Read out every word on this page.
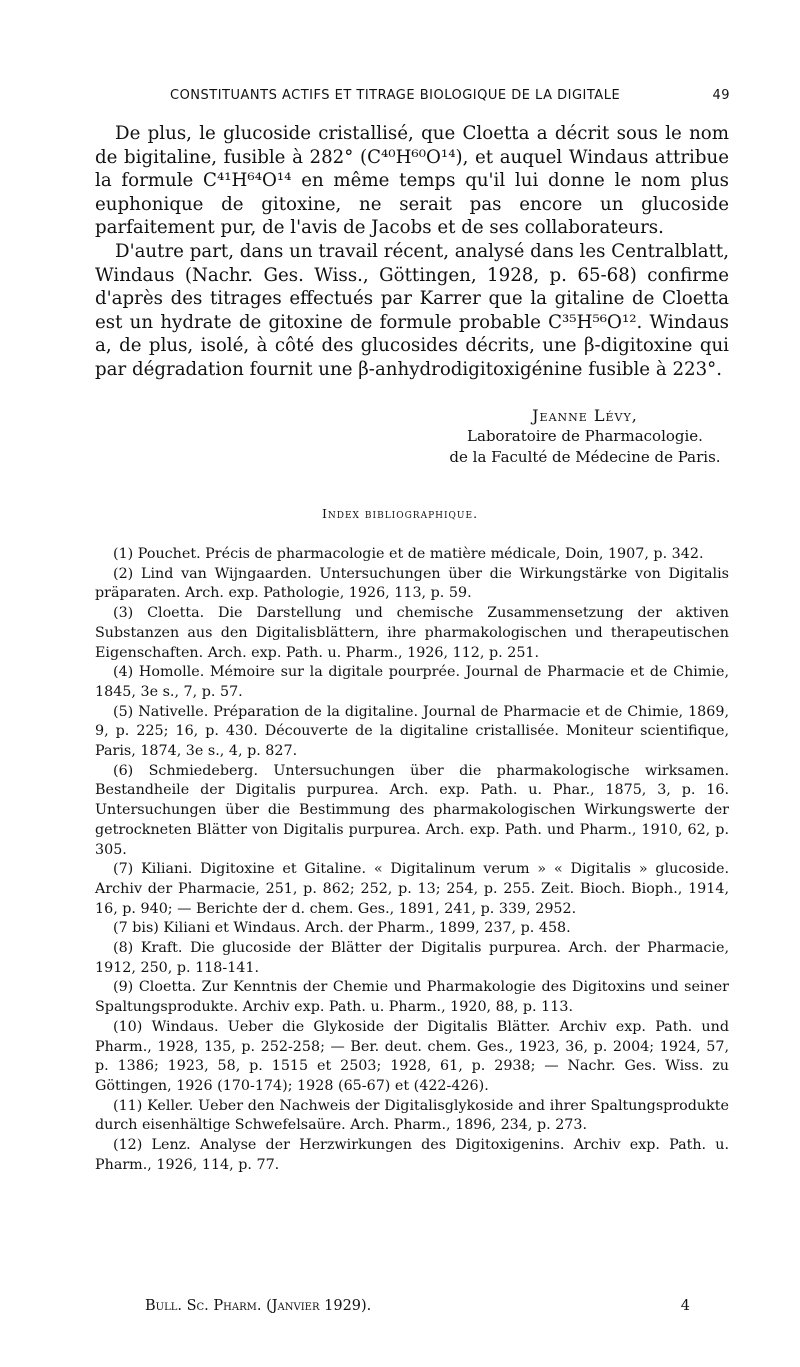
CONSTITUANTS ACTIFS ET TITRAGE BIOLOGIQUE DE LA DIGITALE	49

De plus, le glucoside cristallisé, que Cloetta a décrit sous le nom de bigitaline, fusible à 282° (C⁴⁰H⁶⁰O¹⁴), et auquel Windaus attribue la formule C⁴¹H⁶⁴O¹⁴ en même temps qu'il lui donne le nom plus euphonique de gitoxine, ne serait pas encore un glucoside parfaitement pur, de l'avis de Jacobs et de ses collaborateurs.

D'autre part, dans un travail récent, analysé dans les Centralblatt, Windaus (Nachr. Ges. Wiss., Göttingen, 1928, p. 65-68) confirme d'après des titrages effectués par Karrer que la gitaline de Cloetta est un hydrate de gitoxine de formule probable C³⁵H⁵⁶O¹². Windaus a, de plus, isolé, à côté des glucosides décrits, une β-digitoxine qui par dégradation fournit une β-anhydrodigitoxigénine fusible à 223°.

Jeanne Lévy,
Laboratoire de Pharmacologie.
de la Faculté de Médecine de Paris.
Index bibliographique.

(1) Pouchet. Précis de pharmacologie et de matière médicale, Doin, 1907, p. 342.

(2) Lind van Wijngaarden. Untersuchungen über die Wirkungstärke von Digitalis präparaten. Arch. exp. Pathologie, 1926, 113, p. 59.

(3) Cloetta. Die Darstellung und chemische Zusammensetzung der aktiven Substanzen aus den Digitalisblättern, ihre pharmakologischen und therapeutischen Eigenschaften. Arch. exp. Path. u. Pharm., 1926, 112, p. 251.

(4) Homolle. Mémoire sur la digitale pourprée. Journal de Pharmacie et de Chimie, 1845, 3e s., 7, p. 57.

(5) Nativelle. Préparation de la digitaline. Journal de Pharmacie et de Chimie, 1869, 9, p. 225; 16, p. 430. Découverte de la digitaline cristallisée. Moniteur scientifique, Paris, 1874, 3e s., 4, p. 827.

(6) Schmiedeberg. Untersuchungen über die pharmakologische wirksamen. Bestandheile der Digitalis purpurea. Arch. exp. Path. u. Phar., 1875, 3, p. 16. Untersuchungen über die Bestimmung des pharmakologischen Wirkungswerte der getrockneten Blätter von Digitalis purpurea. Arch. exp. Path. und Pharm., 1910, 62, p. 305.

(7) Kiliani. Digitoxine et Gitaline. « Digitalinum verum » « Digitalis » glucoside. Archiv der Pharmacie, 251, p. 862; 252, p. 13; 254, p. 255. Zeit. Bioch. Bioph., 1914, 16, p. 940; — Berichte der d. chem. Ges., 1891, 241, p. 339, 2952.

(7 bis) Kiliani et Windaus. Arch. der Pharm., 1899, 237, p. 458.

(8) Kraft. Die glucoside der Blätter der Digitalis purpurea. Arch. der Pharmacie, 1912, 250, p. 118-141.

(9) Cloetta. Zur Kenntnis der Chemie und Pharmakologie des Digitoxins und seiner Spaltungsprodukte. Archiv exp. Path. u. Pharm., 1920, 88, p. 113.

(10) Windaus. Ueber die Glykoside der Digitalis Blätter. Archiv exp. Path. und Pharm., 1928, 135, p. 252-258; — Ber. deut. chem. Ges., 1923, 36, p. 2004; 1924, 57, p. 1386; 1923, 58, p. 1515 et 2503; 1928, 61, p. 2938; — Nachr. Ges. Wiss. zu Göttingen, 1926 (170-174); 1928 (65-67) et (422-426).

(11) Keller. Ueber den Nachweis der Digitalisglykoside and ihrer Spaltungsprodukte durch eisenhältige Schwefelsaüre. Arch. Pharm., 1896, 234, p. 273.

(12) Lenz. Analyse der Herzwirkungen des Digitoxigenins. Archiv exp. Path. u. Pharm., 1926, 114, p. 77.

Bull. Sc. Pharm. (Janvier 1929).	4
